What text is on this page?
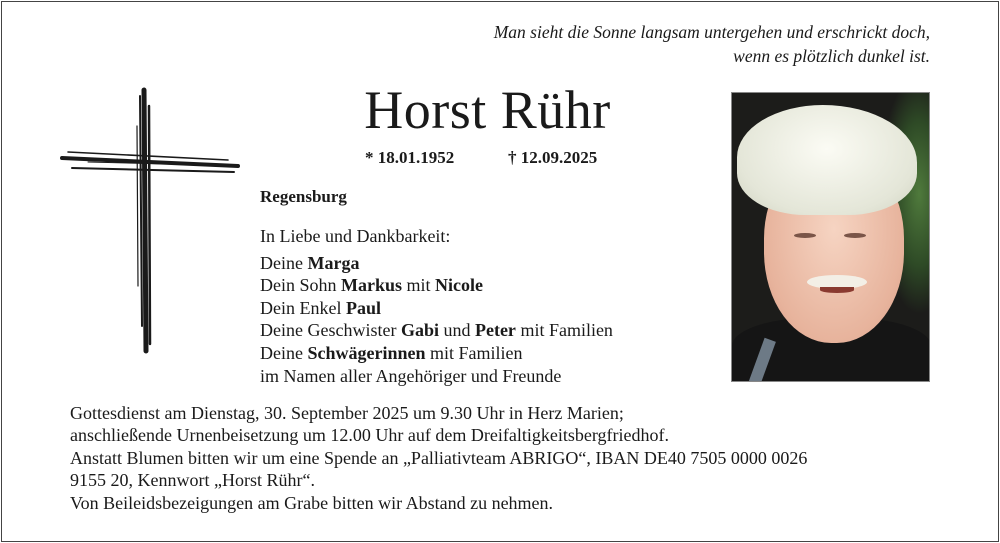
Man sieht die Sonne langsam untergehen und erschrickt doch,
wenn es plötzlich dunkel ist.
Horst Rühr
* 18.01.1952	† 12.09.2025
Regensburg
In Liebe und Dankbarkeit:
Deine Marga
Dein Sohn Markus mit Nicole
Dein Enkel Paul
Deine Geschwister Gabi und Peter mit Familien
Deine Schwägerinnen mit Familien
im Namen aller Angehöriger und Freunde
Gottesdienst am Dienstag, 30. September 2025 um 9.30 Uhr in Herz Marien;
anschließende Urnenbeisetzung um 12.00 Uhr auf dem Dreifaltigkeitsbergfriedhof.
Anstatt Blumen bitten wir um eine Spende an „Palliativteam ABRIGO“, IBAN DE40 7505 0000 0026
9155 20, Kennwort „Horst Rühr“.
Von Beileidsbezeigungen am Grabe bitten wir Abstand zu nehmen.
